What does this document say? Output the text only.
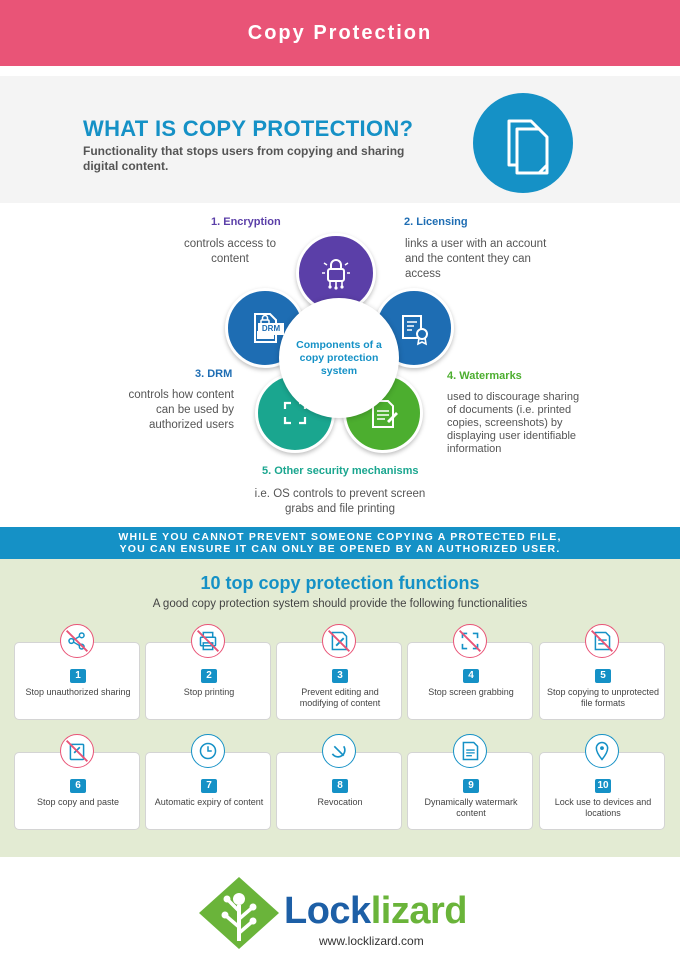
Copy Protection
WHAT IS COPY PROTECTION?

Functionality that stops users from copying and sharing digital content.

1. Encryption
controls access to content
2. Licensing
links a user with an account and the content they can access
3. DRM
controls how content can be used by authorized users
4. Watermarks
used to discourage sharing of documents (i.e. printed copies, screenshots) by displaying user identifiable information
5. Other security mechanisms
i.e. OS controls to prevent screen grabs and file printing
Components of a copy protection system
DRM
WHILE YOU CANNOT PREVENT SOMEONE COPYING A PROTECTED FILE,
YOU CAN ENSURE IT CAN ONLY BE OPENED BY AN AUTHORIZED USER.
10 top copy protection functions
A good copy protection system should provide the following functionalities
1
Stop unauthorized sharing
2
Stop printing
3
Prevent editing and modifying of content
4
Stop screen grabbing
5
Stop copying to unprotected file formats
6
Stop copy and paste
7
Automatic expiry of content
8
Revocation
9
Dynamically watermark content
10
Lock use to devices and locations
Locklizard
www.locklizard.com
